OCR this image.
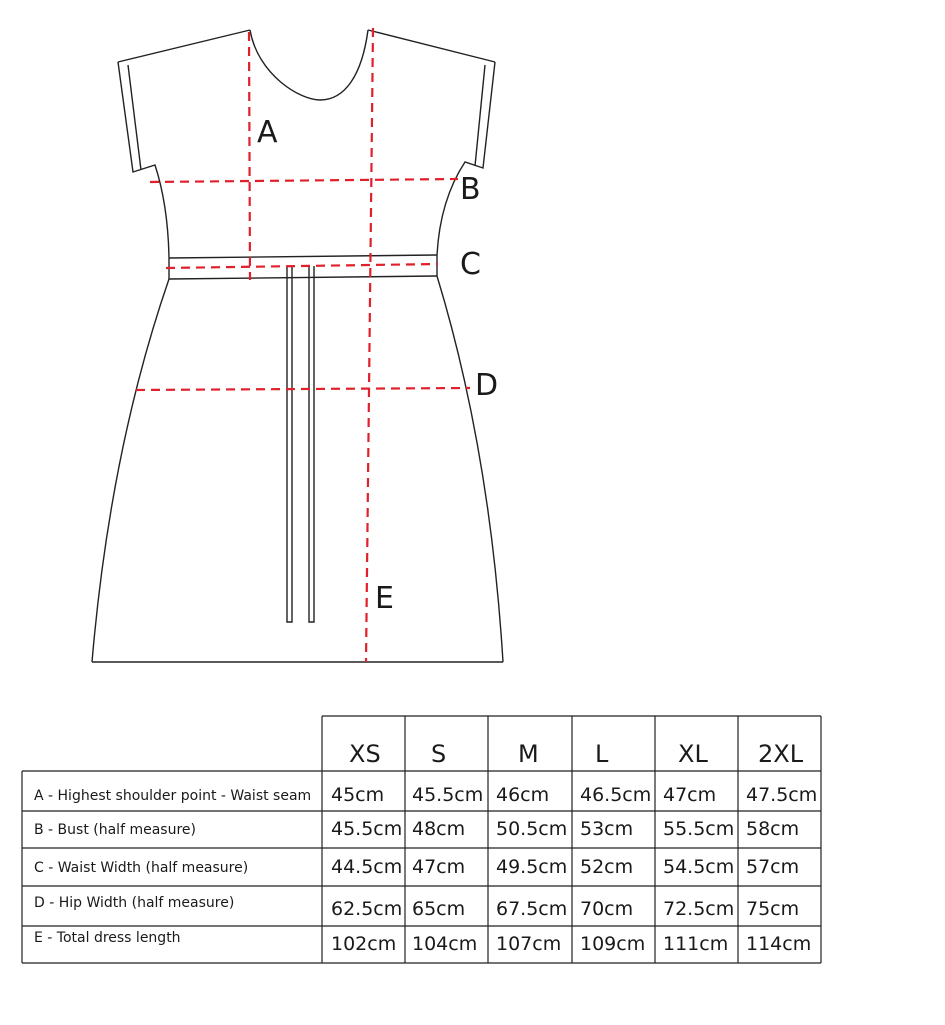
A
B
C
D
E
XS S	M L	XL 2XL
A - Highest shoulder point - Waist seam 45cm 45.5cm 46cm 46.5cm 47cm 47.5cm
B - Bust (half measure)	45.5cm 48cm 50.5cm 53cm 55.5cm 58cm
C - Waist Width (half measure)	44.5cm 47cm 49.5cm 52cm 54.5cm 57cm
D - Hip Width (half measure)	62.5cm 65cm 67.5cm 70cm 72.5cm 75cm
E - Total dress length	102cm 104cm 107cm 109cm 111cm 114cm
